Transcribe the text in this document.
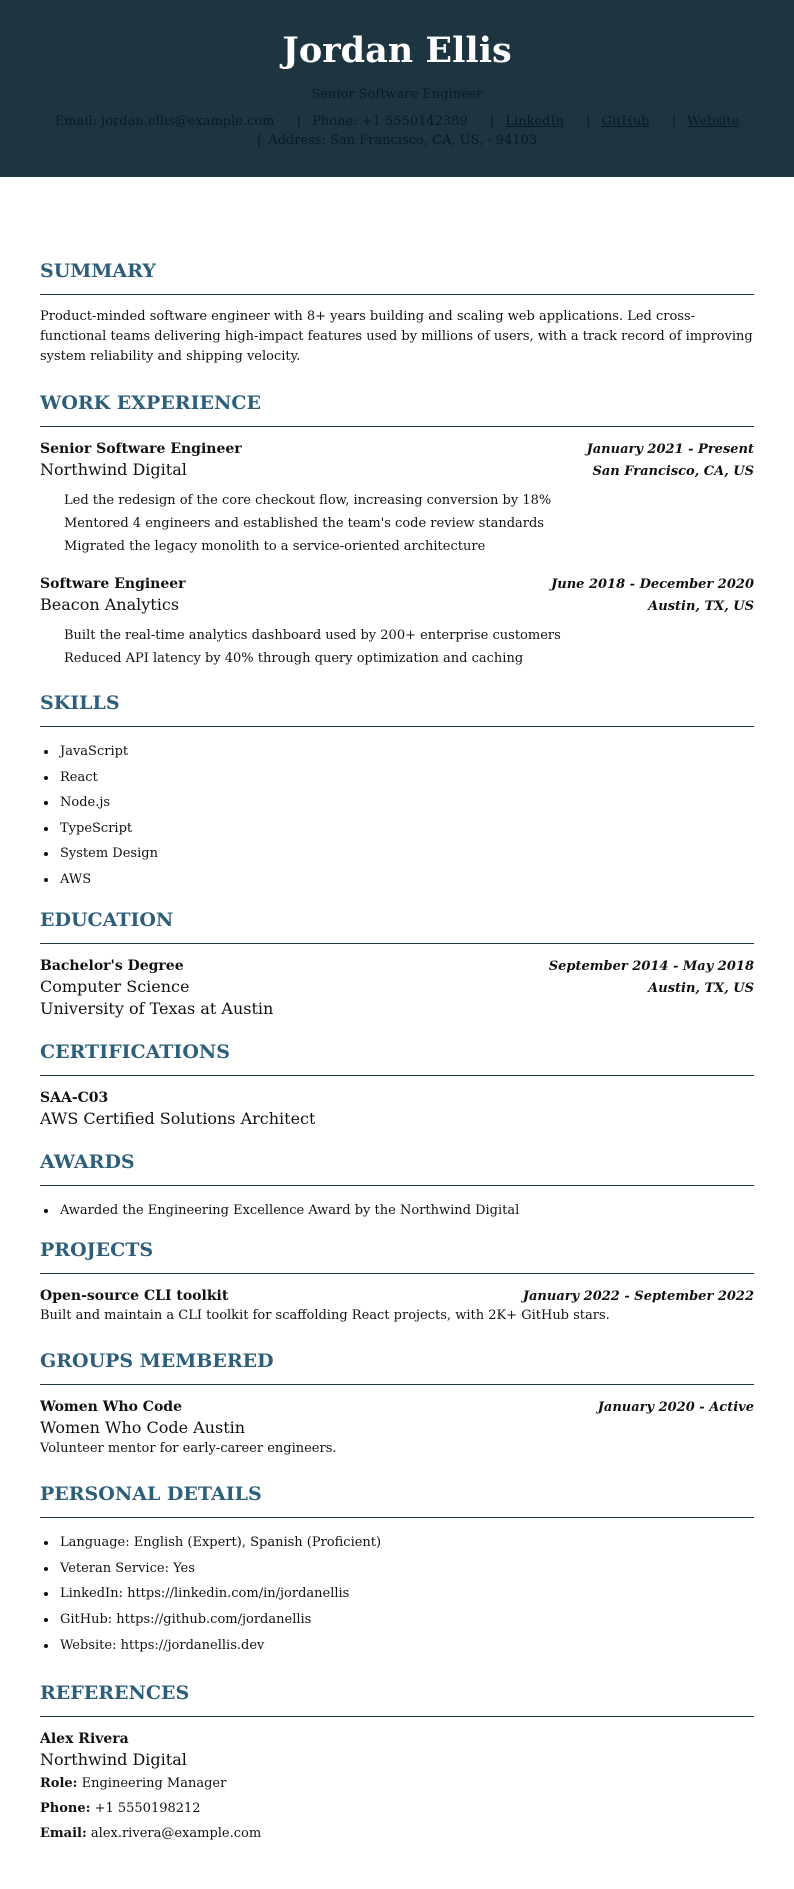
Jordan Ellis
Senior Software Engineer
Email: jordan.ellis@example.com | Phone: +1 5550142389 | LinkedIn | GitHub | Website
| Address: San Francisco, CA, US, - 94103
SUMMARY

Product-minded software engineer with 8+ years building and scaling web applications. Led cross-functional teams delivering high-impact features used by millions of users, with a track record of improving system reliability and shipping velocity.

WORK EXPERIENCE
Senior Software Engineer	January 2021 - Present
Northwind Digital	San Francisco, CA, US
Led the redesign of the core checkout flow, increasing conversion by 18%
Mentored 4 engineers and established the team's code review standards
Migrated the legacy monolith to a service-oriented architecture
Software Engineer	June 2018 - December 2020
Beacon Analytics	Austin, TX, US
Built the real-time analytics dashboard used by 200+ enterprise customers
Reduced API latency by 40% through query optimization and caching
SKILLS
• JavaScript
• React
• Node.js
• TypeScript
• System Design
• AWS
EDUCATION
Bachelor's Degree	September 2014 - May 2018
Computer Science	Austin, TX, US
University of Texas at Austin
CERTIFICATIONS
SAA-C03
AWS Certified Solutions Architect
AWARDS
• Awarded the Engineering Excellence Award by the Northwind Digital
PROJECTS
Open-source CLI toolkit	January 2022 - September 2022

Built and maintain a CLI toolkit for scaffolding React projects, with 2K+ GitHub stars.

GROUPS MEMBERED
Women Who Code	January 2020 - Active
Women Who Code Austin

Volunteer mentor for early-career engineers.

PERSONAL DETAILS
• Language: English (Expert), Spanish (Proficient)
• Veteran Service: Yes
• LinkedIn: https://linkedin.com/in/jordanellis
• GitHub: https://github.com/jordanellis
• Website: https://jordanellis.dev
REFERENCES
Alex Rivera
Northwind Digital
Role: Engineering Manager
Phone: +1 5550198212
Email: alex.rivera@example.com
